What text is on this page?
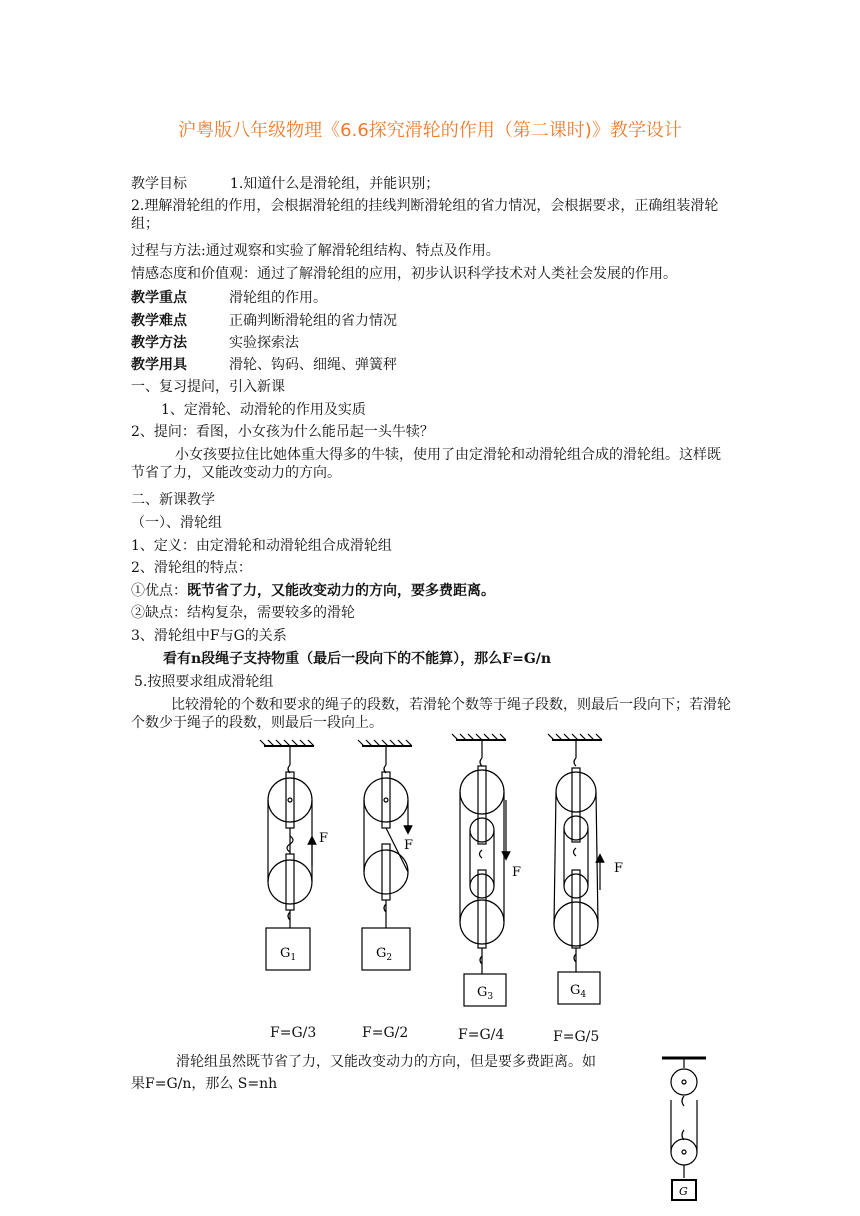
沪粤版八年级物理《6.6探究滑轮的作用（第二课时)》教学设计
教学目标	1.知道什么是滑轮组，并能识别；
2.理解滑轮组的作用，会根据滑轮组的挂线判断滑轮组的省力情况，会根据要求，正确组装滑轮组；
过程与方法:通过观察和实验了解滑轮组结构、特点及作用。
情感态度和价值观：通过了解滑轮组的应用，初步认识科学技术对人类社会发展的作用。
教学重点	滑轮组的作用。
教学难点	正确判断滑轮组的省力情况
教学方法	实验探索法
教学用具	滑轮、钩码、细绳、弹簧秤
一、复习提问，引入新课
1、定滑轮、动滑轮的作用及实质
2、提问：看图，小女孩为什么能吊起一头牛犊？
小女孩要拉住比她体重大得多的牛犊，使用了由定滑轮和动滑轮组合成的滑轮组。这样既节省了力，又能改变动力的方向。
二、新课教学
（一）、滑轮组
1、定义：由定滑轮和动滑轮组合成滑轮组
2、滑轮组的特点：
①优点：既节省了力，又能改变动力的方向，要多费距离。
②缺点：结构复杂，需要较多的滑轮
3、滑轮组中F与G的关系
看有n段绳子支持物重（最后一段向下的不能算），那么F=G/n
5.按照要求组成滑轮组
比较滑轮的个数和要求的绳子的段数，若滑轮个数等于绳子段数，则最后一段向下；若滑轮个数少于绳子的段数，则最后一段向上。
F	F
F	F
$G_1$	$G_2$
$G_3$	$G_4$
G
F=G/3	F=G/2	F=G/4	F=G/5
滑轮组虽然既节省了力，又能改变动力的方向，但是要多费距离。如
果F=G/n，那么 S=nh
